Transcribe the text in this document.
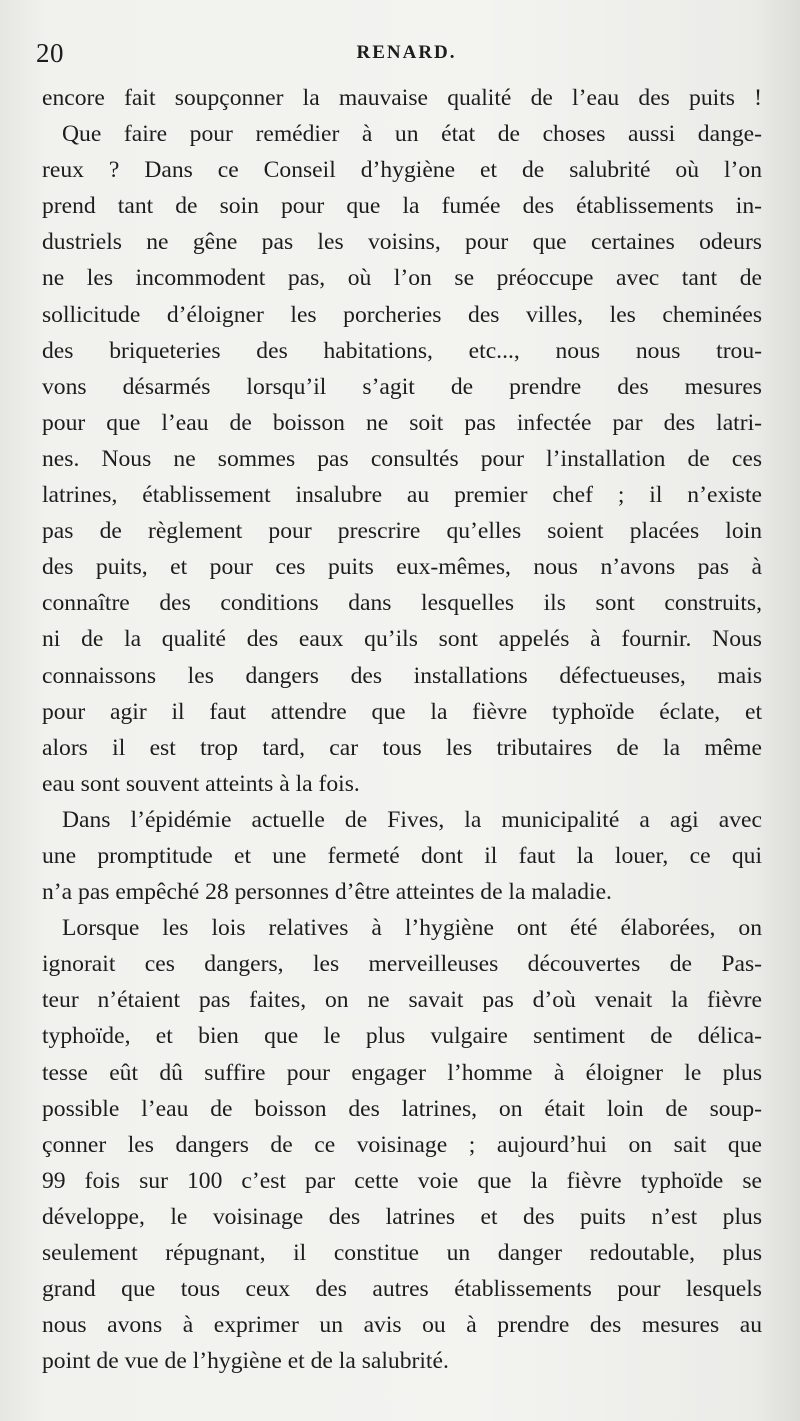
20	RENARD.
encore fait soupçonner la mauvaise qualité de l’eau des puits !
Que faire pour remédier à un état de choses aussi dange-
reux ? Dans ce Conseil d’hygiène et de salubrité où l’on
prend tant de soin pour que la fumée des établissements in-
dustriels ne gêne pas les voisins, pour que certaines odeurs
ne les incommodent pas, où l’on se préoccupe avec tant de
sollicitude d’éloigner les porcheries des villes, les cheminées
des briqueteries des habitations, etc..., nous nous trou-
vons désarmés lorsqu’il s’agit de prendre des mesures
pour que l’eau de boisson ne soit pas infectée par des latri-
nes. Nous ne sommes pas consultés pour l’installation de ces
latrines, établissement insalubre au premier chef ; il n’existe
pas de règlement pour prescrire qu’elles soient placées loin
des puits, et pour ces puits eux-mêmes, nous n’avons pas à
connaître des conditions dans lesquelles ils sont construits,
ni de la qualité des eaux qu’ils sont appelés à fournir. Nous
connaissons les dangers des installations défectueuses, mais
pour agir il faut attendre que la fièvre typhoïde éclate, et
alors il est trop tard, car tous les tributaires de la même
eau sont souvent atteints à la fois.
Dans l’épidémie actuelle de Fives, la municipalité a agi avec
une promptitude et une fermeté dont il faut la louer, ce qui
n’a pas empêché 28 personnes d’être atteintes de la maladie.
Lorsque les lois relatives à l’hygiène ont été élaborées, on
ignorait ces dangers, les merveilleuses découvertes de Pas-
teur n’étaient pas faites, on ne savait pas d’où venait la fièvre
typhoïde, et bien que le plus vulgaire sentiment de délica-
tesse eût dû suffire pour engager l’homme à éloigner le plus
possible l’eau de boisson des latrines, on était loin de soup-
çonner les dangers de ce voisinage ; aujourd’hui on sait que
99 fois sur 100 c’est par cette voie que la fièvre typhoïde se
développe, le voisinage des latrines et des puits n’est plus
seulement répugnant, il constitue un danger redoutable, plus
grand que tous ceux des autres établissements pour lesquels
nous avons à exprimer un avis ou à prendre des mesures au
point de vue de l’hygiène et de la salubrité.
